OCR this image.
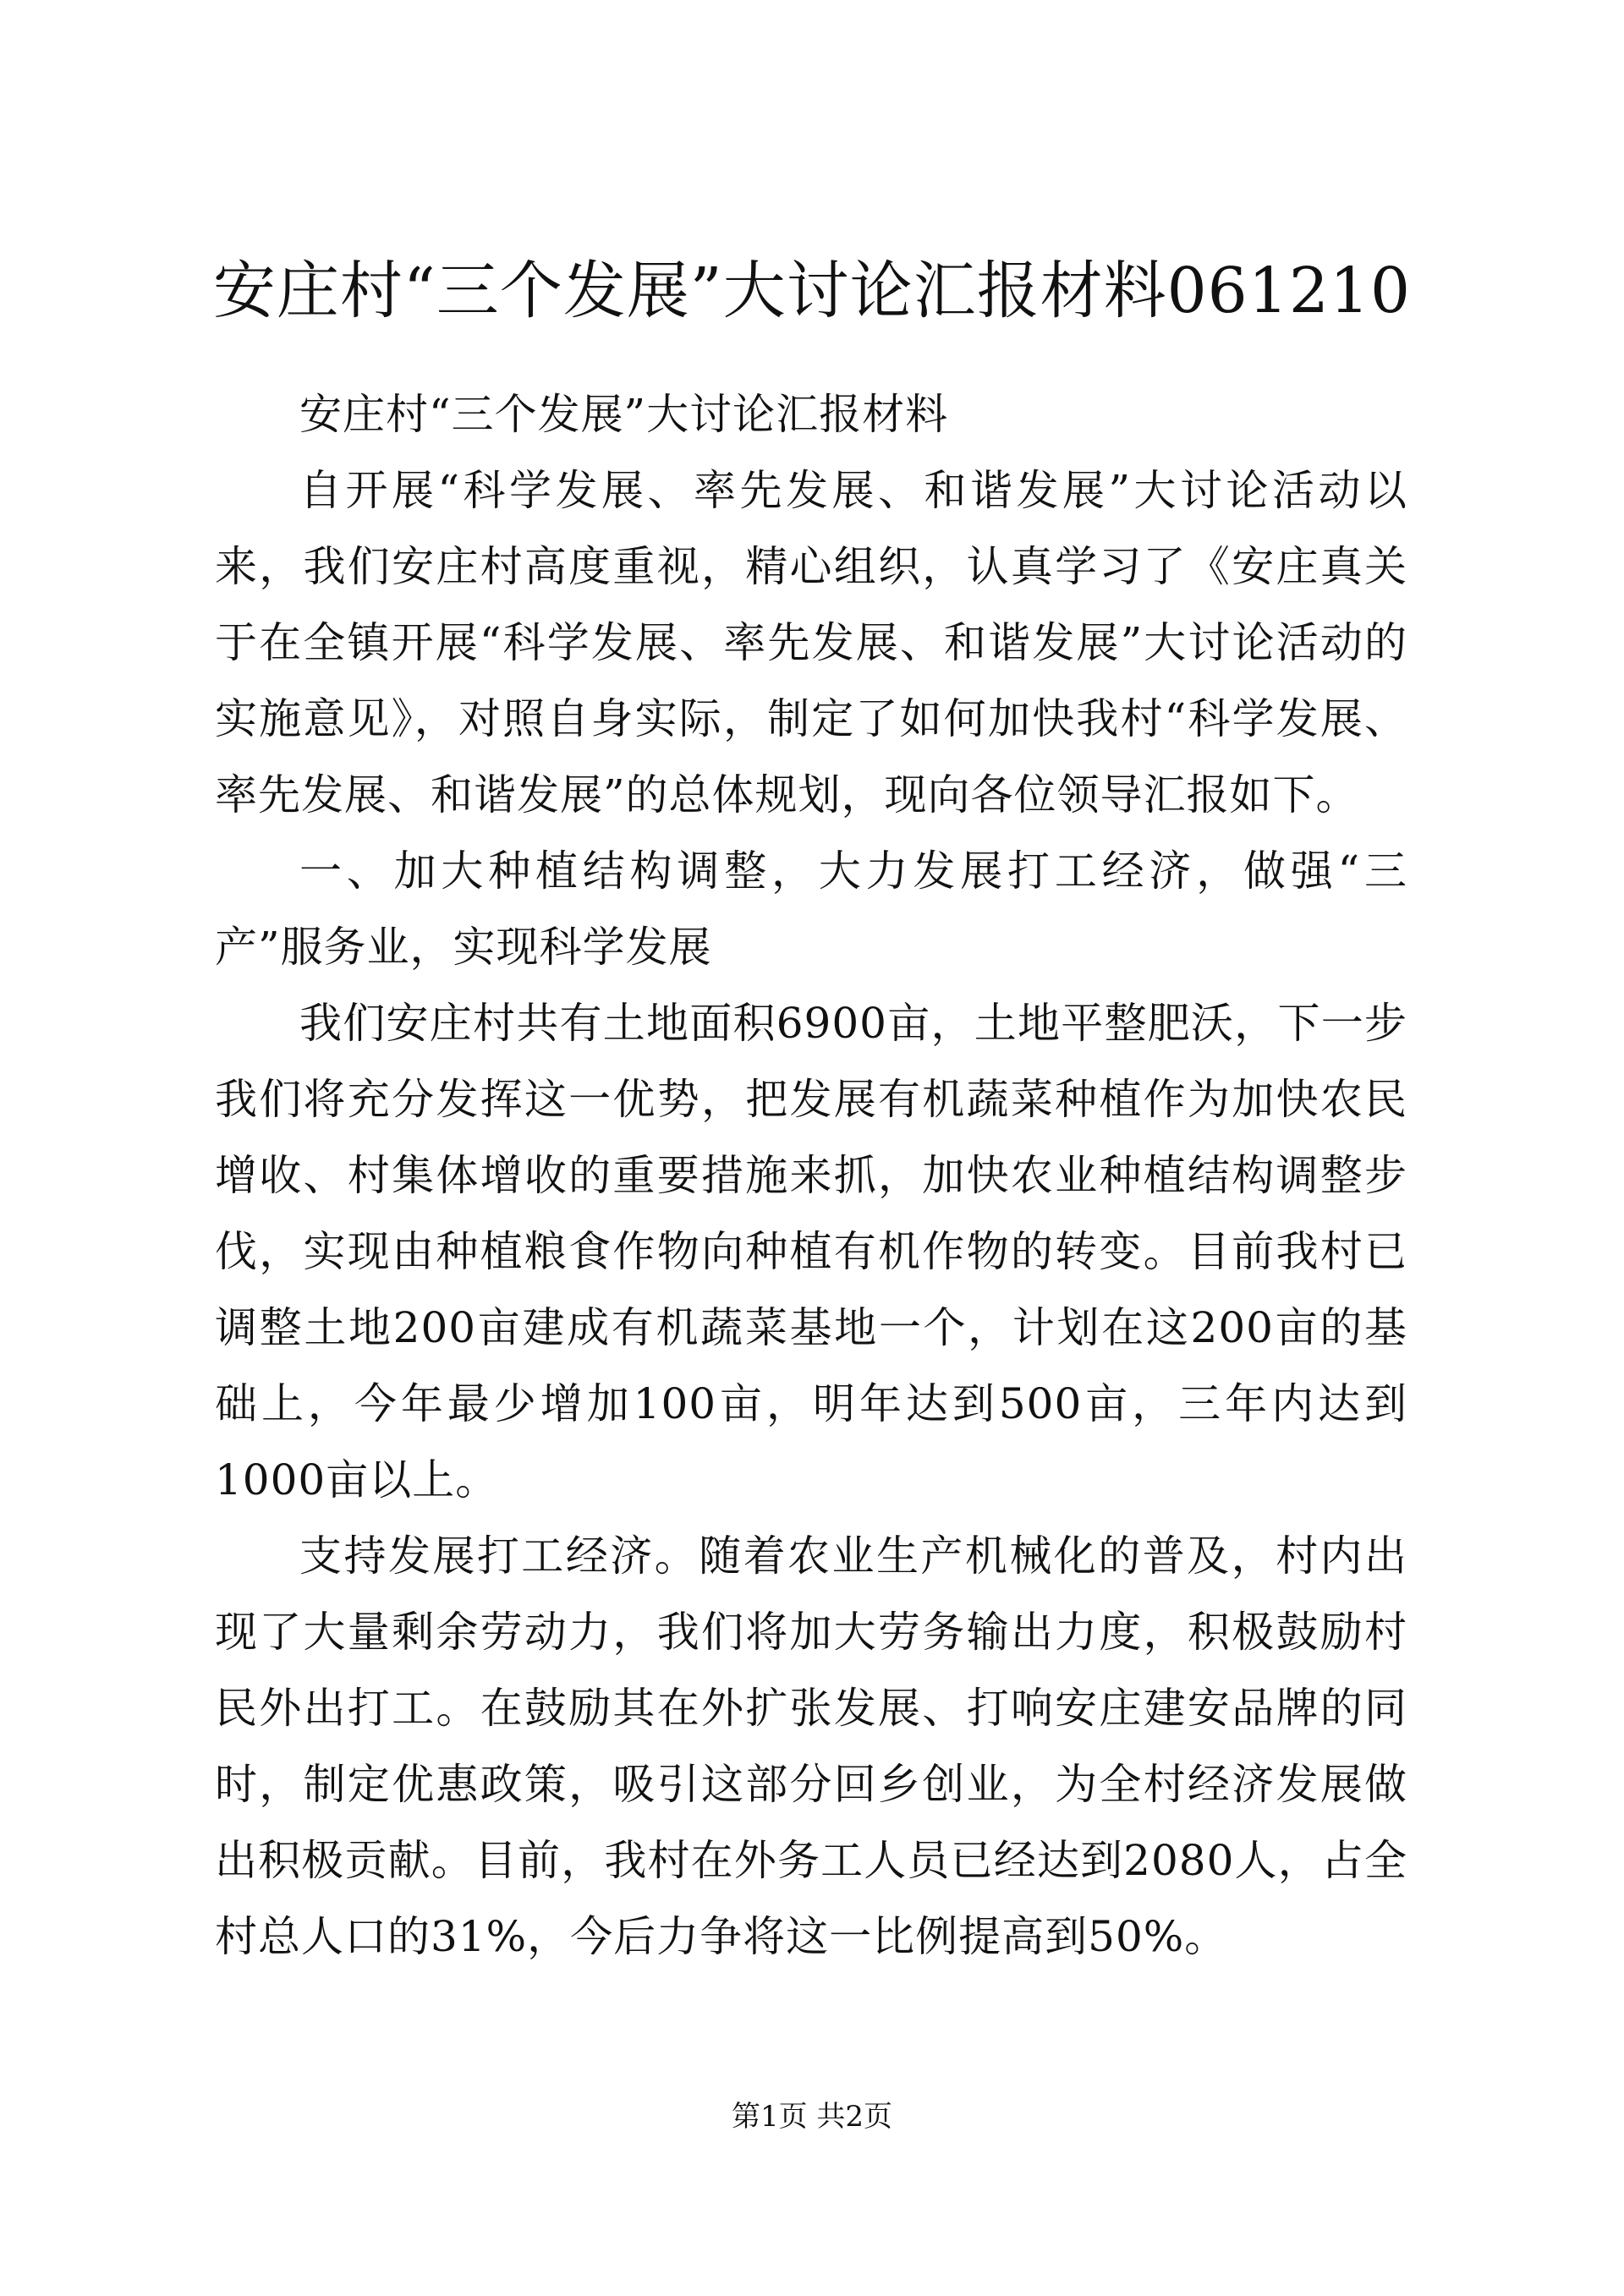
安庄村“三个发展”大讨论汇报材料061210

安庄村“三个发展”大讨论汇报材料

自开展“科学发展、率先发展、和谐发展”大讨论活动以来，我们安庄村高度重视，精心组织，认真学习了《安庄真关于在全镇开展“科学发展、率先发展、和谐发展”大讨论活动的实施意见》，对照自身实际，制定了如何加快我村“科学发展、率先发展、和谐发展”的总体规划，现向各位领导汇报如下。

一、加大种植结构调整，大力发展打工经济，做强“三产”服务业，实现科学发展

我们安庄村共有土地面积6900亩，土地平整肥沃，下一步我们将充分发挥这一优势，把发展有机蔬菜种植作为加快农民增收、村集体增收的重要措施来抓，加快农业种植结构调整步伐，实现由种植粮食作物向种植有机作物的转变。目前我村已调整土地200亩建成有机蔬菜基地一个，计划在这200亩的基础上，今年最少增加100亩，明年达到500亩，三年内达到1000亩以上。

支持发展打工经济。随着农业生产机械化的普及，村内出现了大量剩余劳动力，我们将加大劳务输出力度，积极鼓励村民外出打工。在鼓励其在外扩张发展、打响安庄建安品牌的同时，制定优惠政策，吸引这部分回乡创业，为全村经济发展做出积极贡献。目前，我村在外务工人员已经达到2080人，占全村总人口的31%，今后力争将这一比例提高到50%。

第1页 共2页
